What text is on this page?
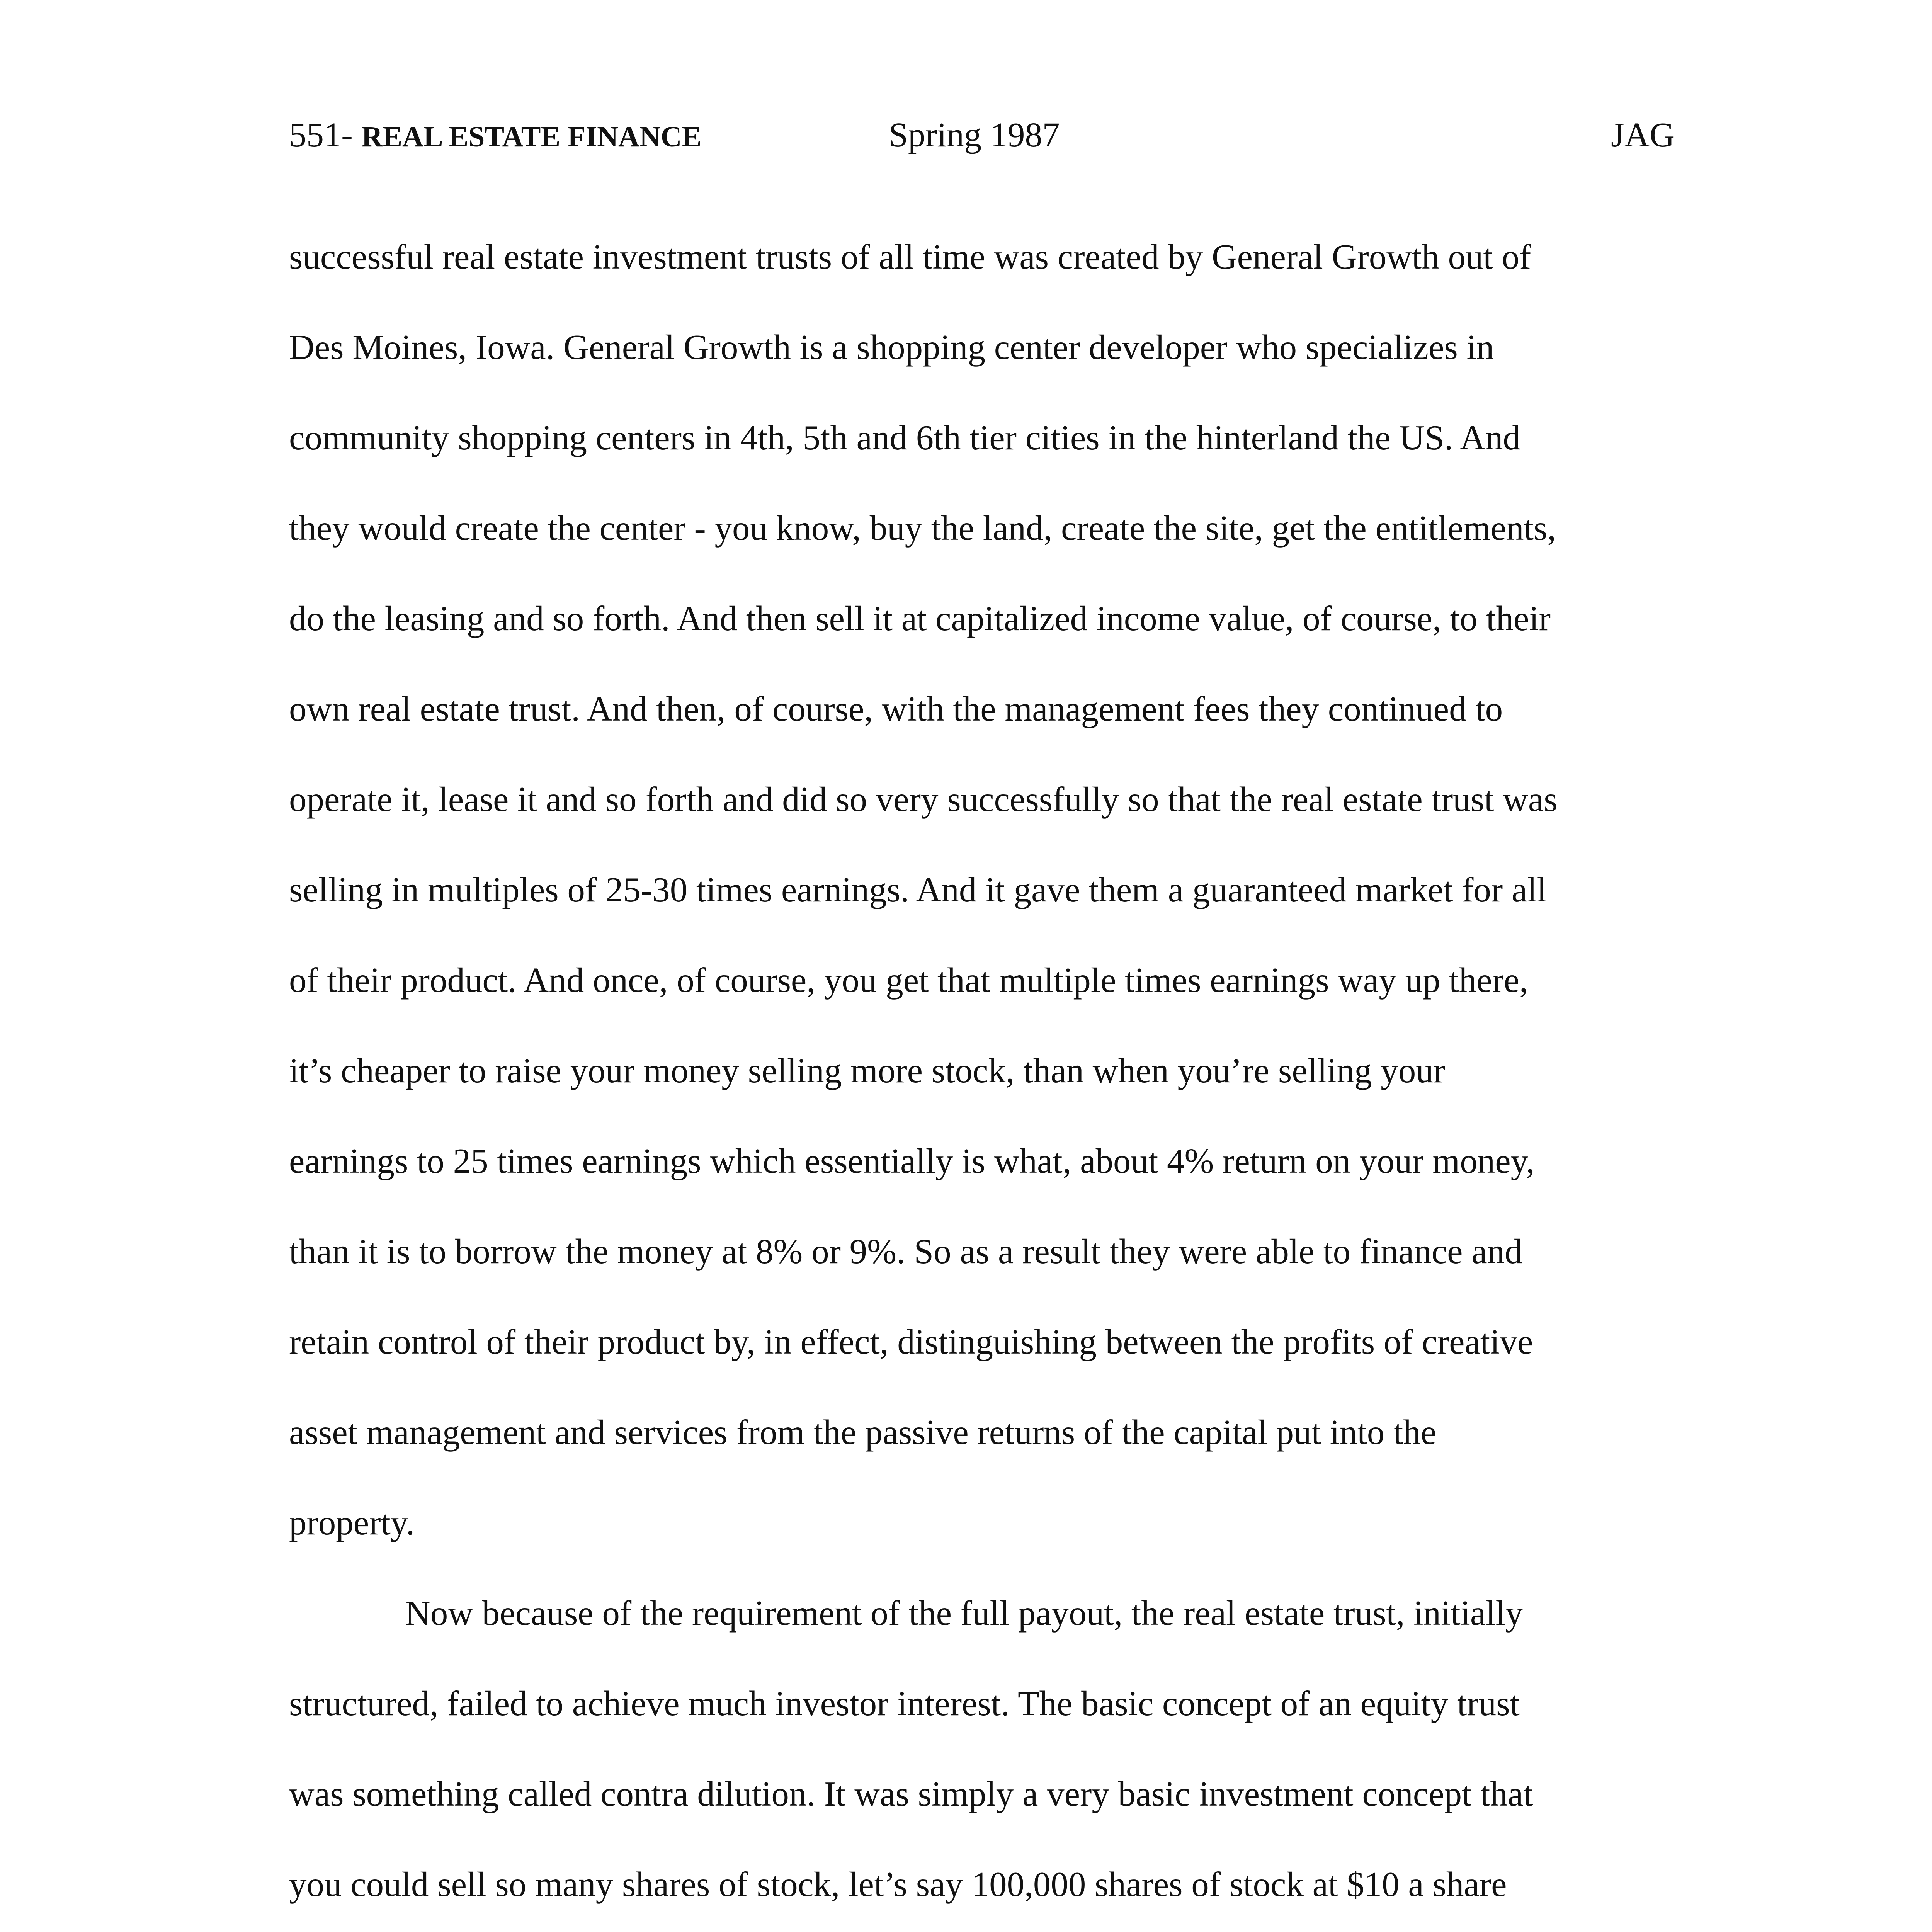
551- REAL ESTATE FINANCE	Spring 1987	JAG
successful real estate investment trusts of all time was created by General Growth out of
Des Moines, Iowa. General Growth is a shopping center developer who specializes in
community shopping centers in 4th, 5th and 6th tier cities in the hinterland the US. And
they would create the center - you know, buy the land, create the site, get the entitlements,
do the leasing and so forth. And then sell it at capitalized income value, of course, to their
own real estate trust. And then, of course, with the management fees they continued to
operate it, lease it and so forth and did so very successfully so that the real estate trust was
selling in multiples of 25-30 times earnings. And it gave them a guaranteed market for all
of their product. And once, of course, you get that multiple times earnings way up there,
it’s cheaper to raise your money selling more stock, than when you’re selling your
earnings to 25 times earnings which essentially is what, about 4% return on your money,
than it is to borrow the money at 8% or 9%. So as a result they were able to finance and
retain control of their product by, in effect, distinguishing between the profits of creative
asset management and services from the passive returns of the capital put into the
property.
Now because of the requirement of the full payout, the real estate trust, initially
structured, failed to achieve much investor interest. The basic concept of an equity trust
was something called contra dilution. It was simply a very basic investment concept that
you could sell so many shares of stock, let’s say 100,000 shares of stock at $10 a share
